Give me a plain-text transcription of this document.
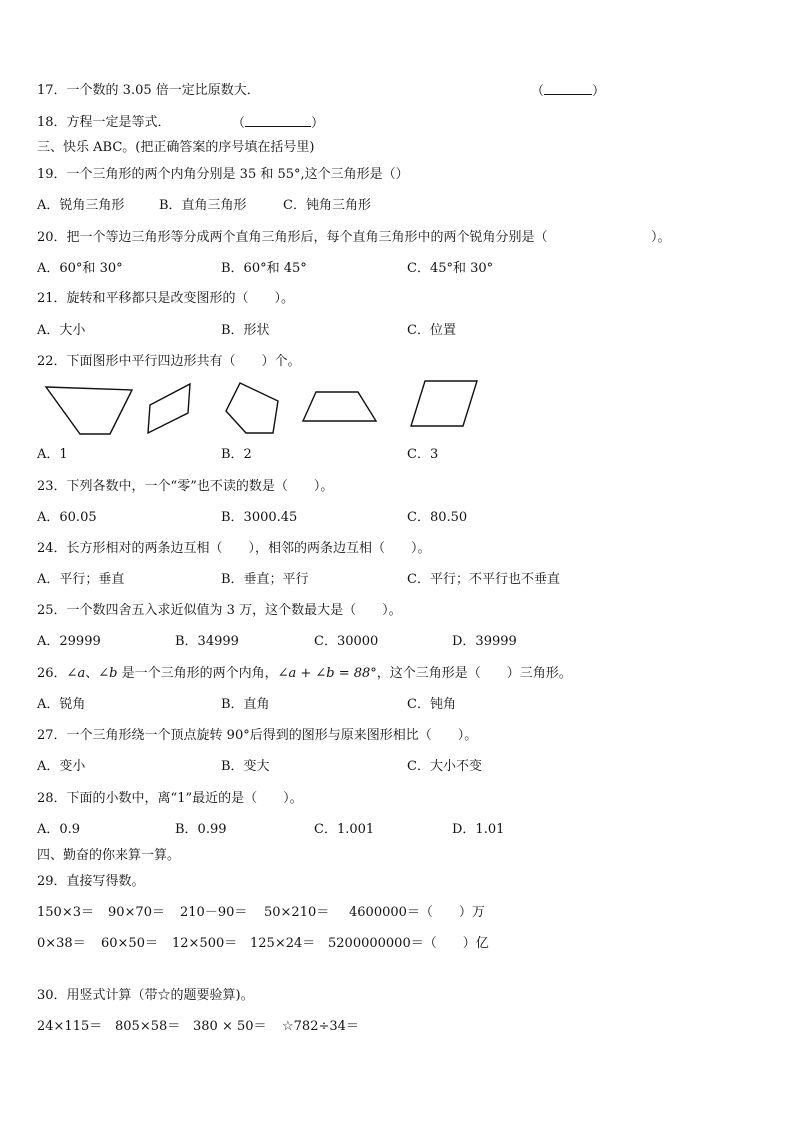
17．一个数的 3.05 倍一定比原数大．	（	）
18．方程一定是等式．	（	）
三、快乐 ABC。(把正确答案的序号填在括号里)
19．一个三角形的两个内角分别是 35 和 55°,这个三角形是（）
A．锐角三角形	B．直角三角形	C．钝角三角形
20．把一个等边三角形等分成两个直角三角形后，每个直角三角形中的两个锐角分别是（	）。
A．60°和 30°	B．60°和 45°	C．45°和 30°
21．旋转和平移都只是改变图形的（　　）。
A．大小	B．形状	C．位置
22．下面图形中平行四边形共有（　　）个。
A．1	B．2	C．3
23．下列各数中，一个“零”也不读的数是（　　）。
A．60.05	B．3000.45	C．80.50
24．长方形相对的两条边互相（　　），相邻的两条边互相（　　）。
A．平行；垂直	B．垂直；平行	C．平行；不平行也不垂直
25．一个数四舍五入求近似值为 3 万，这个数最大是（　　）。
A．29999	B．34999	C．30000	D．39999
26．∠a、∠b 是一个三角形的两个内角，∠a + ∠b = 88°，这个三角形是（　　）三角形。
A．锐角	B．直角	C．钝角
27．一个三角形绕一个顶点旋转 90°后得到的图形与原来图形相比（　　）。
A．变小	B．变大	C．大小不变
28．下面的小数中，离“1”最近的是（　　）。
A．0.9	B．0.99	C．1.001	D．1.01
四、勤奋的你来算一算。
29．直接写得数。
150×3＝ 90×70＝ 210－90＝ 50×210＝ 4600000＝（　　）万
0×38＝ 60×50＝ 12×500＝ 125×24＝ 5200000000＝（　　）亿
30．用竖式计算（带☆的题要验算)。
24×115＝ 805×58＝ 380 × 50＝ ☆782÷34＝
